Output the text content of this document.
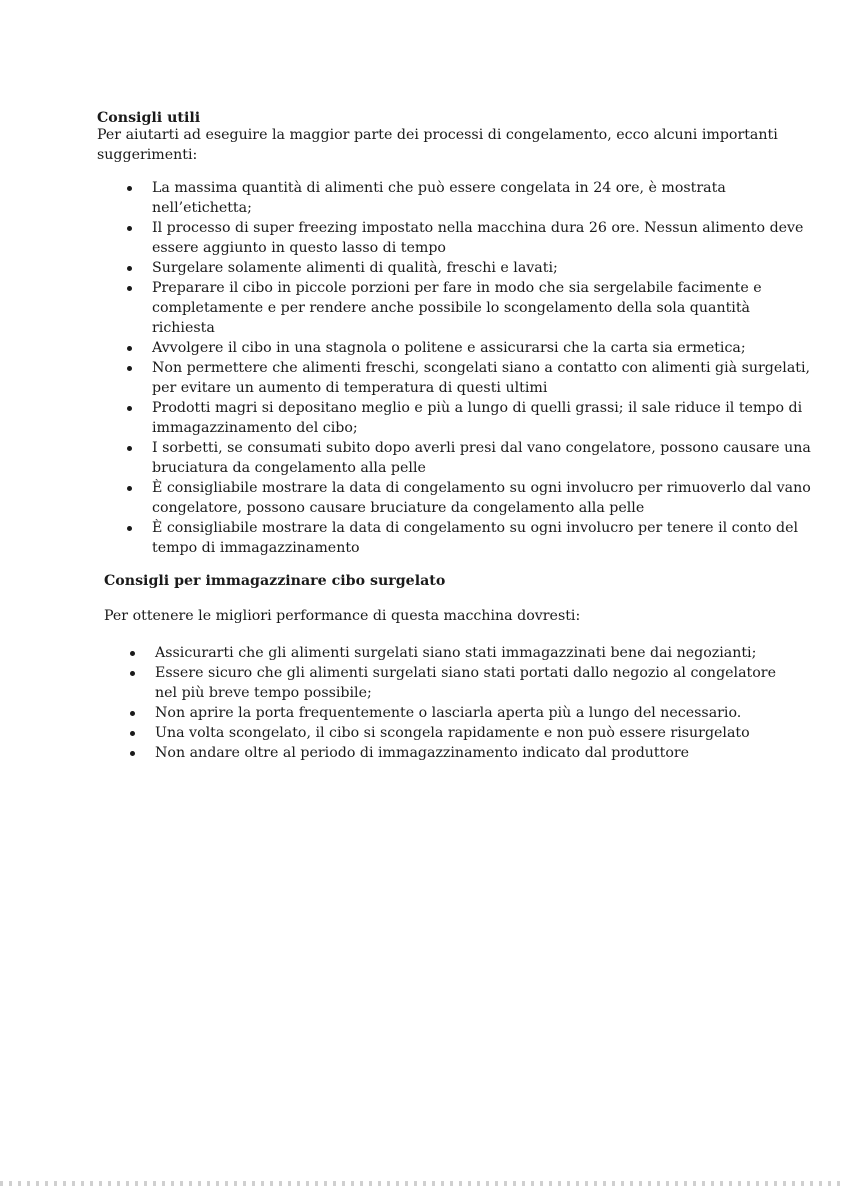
Consigli utili

Per aiutarti ad eseguire la maggior parte dei processi di congelamento, ecco alcuni importanti suggerimenti:

La massima quantità di alimenti che può essere congelata in 24 ore, è mostrata nell’etichetta;
Il processo di super freezing impostato nella macchina dura 26 ore. Nessun alimento deve essere aggiunto in questo lasso di tempo
Surgelare solamente alimenti di qualità, freschi e lavati;
Preparare il cibo in piccole porzioni per fare in modo che sia sergelabile facimente e completamente e per rendere anche possibile lo scongelamento della sola quantità richiesta
Avvolgere il cibo in una stagnola o politene e assicurarsi che la carta sia ermetica;
Non permettere che alimenti freschi, scongelati siano a contatto con alimenti già surgelati, per evitare un aumento di temperatura di questi ultimi
Prodotti magri si depositano meglio e più a lungo di quelli grassi; il sale riduce il tempo di immagazzinamento del cibo;
I sorbetti, se consumati subito dopo averli presi dal vano congelatore, possono causare una bruciatura da congelamento alla pelle
È consigliabile mostrare la data di congelamento su ogni involucro per rimuoverlo dal vano congelatore, possono causare bruciature da congelamento alla pelle
È consigliabile mostrare la data di congelamento su ogni involucro per tenere il conto del tempo di immagazzinamento
Consigli per immagazzinare cibo surgelato

Per ottenere le migliori performance di questa macchina dovresti:

Assicurarti che gli alimenti surgelati siano stati immagazzinati bene dai negozianti;
Essere sicuro che gli alimenti surgelati siano stati portati dallo negozio al congelatore nel più breve tempo possibile;
Non aprire la porta frequentemente o lasciarla aperta più a lungo del necessario.
Una volta scongelato, il cibo si scongela rapidamente e non può essere risurgelato
Non andare oltre al periodo di immagazzinamento indicato dal produttore
